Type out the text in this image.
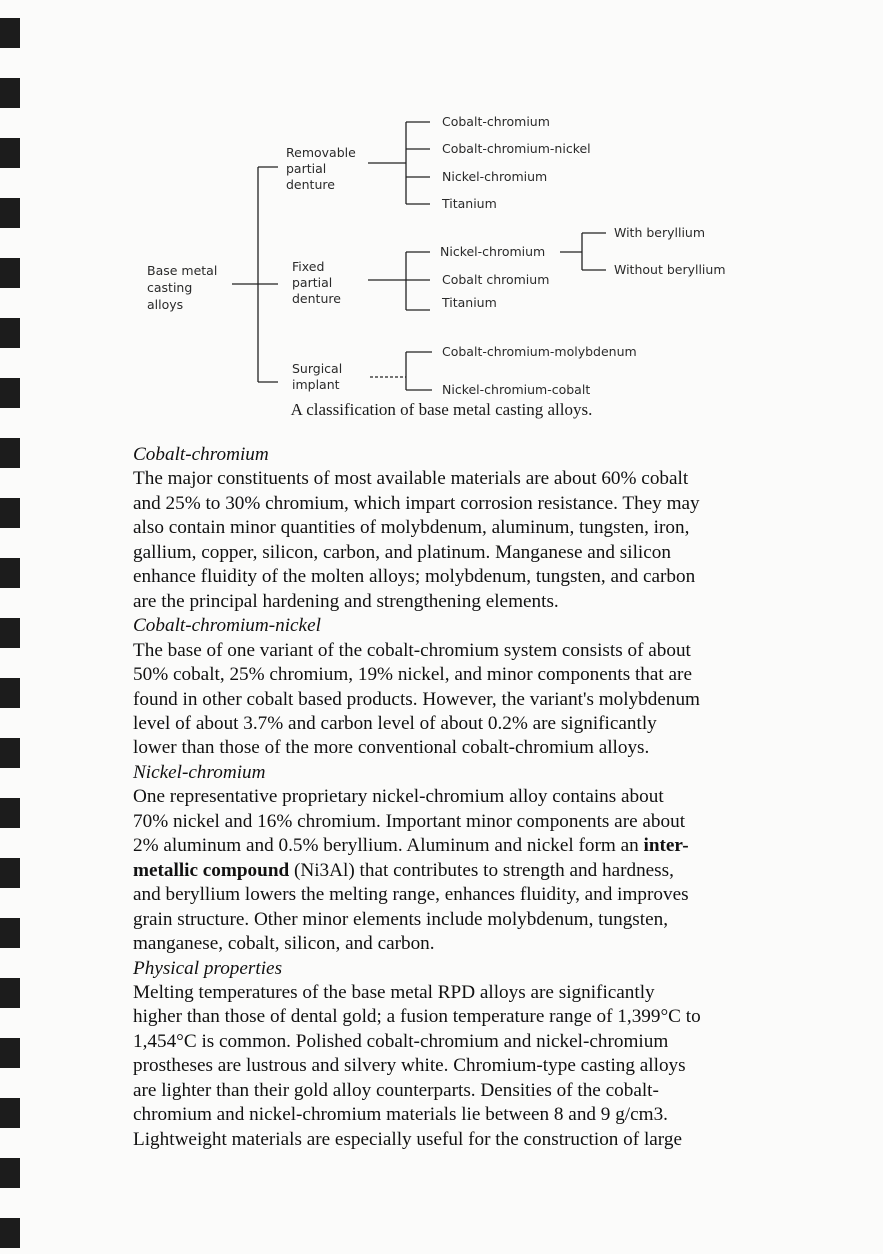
Base metal casting alloys
Removable partial denture
Fixed partial denture
Surgical implant
Cobalt-chromium
Cobalt-chromium-nickel
Nickel-chromium
Titanium
Nickel-chromium
Cobalt chromium
Titanium
With beryllium
Without beryllium
Cobalt-chromium-molybdenum
Nickel-chromium-cobalt
A classification of base metal casting alloys.
Cobalt-chromium

The major constituents of most available materials are about 60% cobalt
and 25% to 30% chromium, which impart corrosion resistance. They may
also contain minor quantities of molybdenum, aluminum, tungsten, iron,
gallium, copper, silicon, carbon, and platinum. Manganese and silicon
enhance fluidity of the molten alloys; molybdenum, tungsten, and carbon
are the principal hardening and strengthening elements.

Cobalt-chromium-nickel

The base of one variant of the cobalt-chromium system consists of about
50% cobalt, 25% chromium, 19% nickel, and minor components that are
found in other cobalt based products. However, the variant's molybdenum
level of about 3.7% and carbon level of about 0.2% are significantly
lower than those of the more conventional cobalt-chromium alloys.

Nickel-chromium

One representative proprietary nickel-chromium alloy contains about
70% nickel and 16% chromium. Important minor components are about
2% aluminum and 0.5% beryllium. Aluminum and nickel form an inter-
metallic compound (Ni3Al) that contributes to strength and hardness,
and beryllium lowers the melting range, enhances fluidity, and improves
grain structure. Other minor elements include molybdenum, tungsten,
manganese, cobalt, silicon, and carbon.

Physical properties

Melting temperatures of the base metal RPD alloys are significantly
higher than those of dental gold; a fusion temperature range of 1,399°C to
1,454°C is common. Polished cobalt-chromium and nickel-chromium
prostheses are lustrous and silvery white. Chromium-type casting alloys
are lighter than their gold alloy counterparts. Densities of the cobalt-
chromium and nickel-chromium materials lie between 8 and 9 g/cm3.
Lightweight materials are especially useful for the construction of large
